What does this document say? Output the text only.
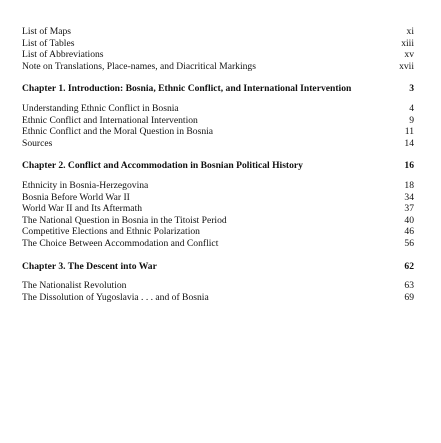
List of Maps	xi
List of Tables	xiii
List of Abbreviations	xv
Note on Translations, Place-names, and Diacritical Markings	xvii
Chapter 1. Introduction: Bosnia, Ethnic Conflict, and International Intervention	3
Understanding Ethnic Conflict in Bosnia	4
Ethnic Conflict and International Intervention	9
Ethnic Conflict and the Moral Question in Bosnia	11
Sources	14
Chapter 2. Conflict and Accommodation in Bosnian Political History	16
Ethnicity in Bosnia-Herzegovina	18
Bosnia Before World War II	34
World War II and Its Aftermath	37
The National Question in Bosnia in the Titoist Period	40
Competitive Elections and Ethnic Polarization	46
The Choice Between Accommodation and Conflict	56
Chapter 3. The Descent into War	62
The Nationalist Revolution	63
The Dissolution of Yugoslavia . . . and of Bosnia	69
